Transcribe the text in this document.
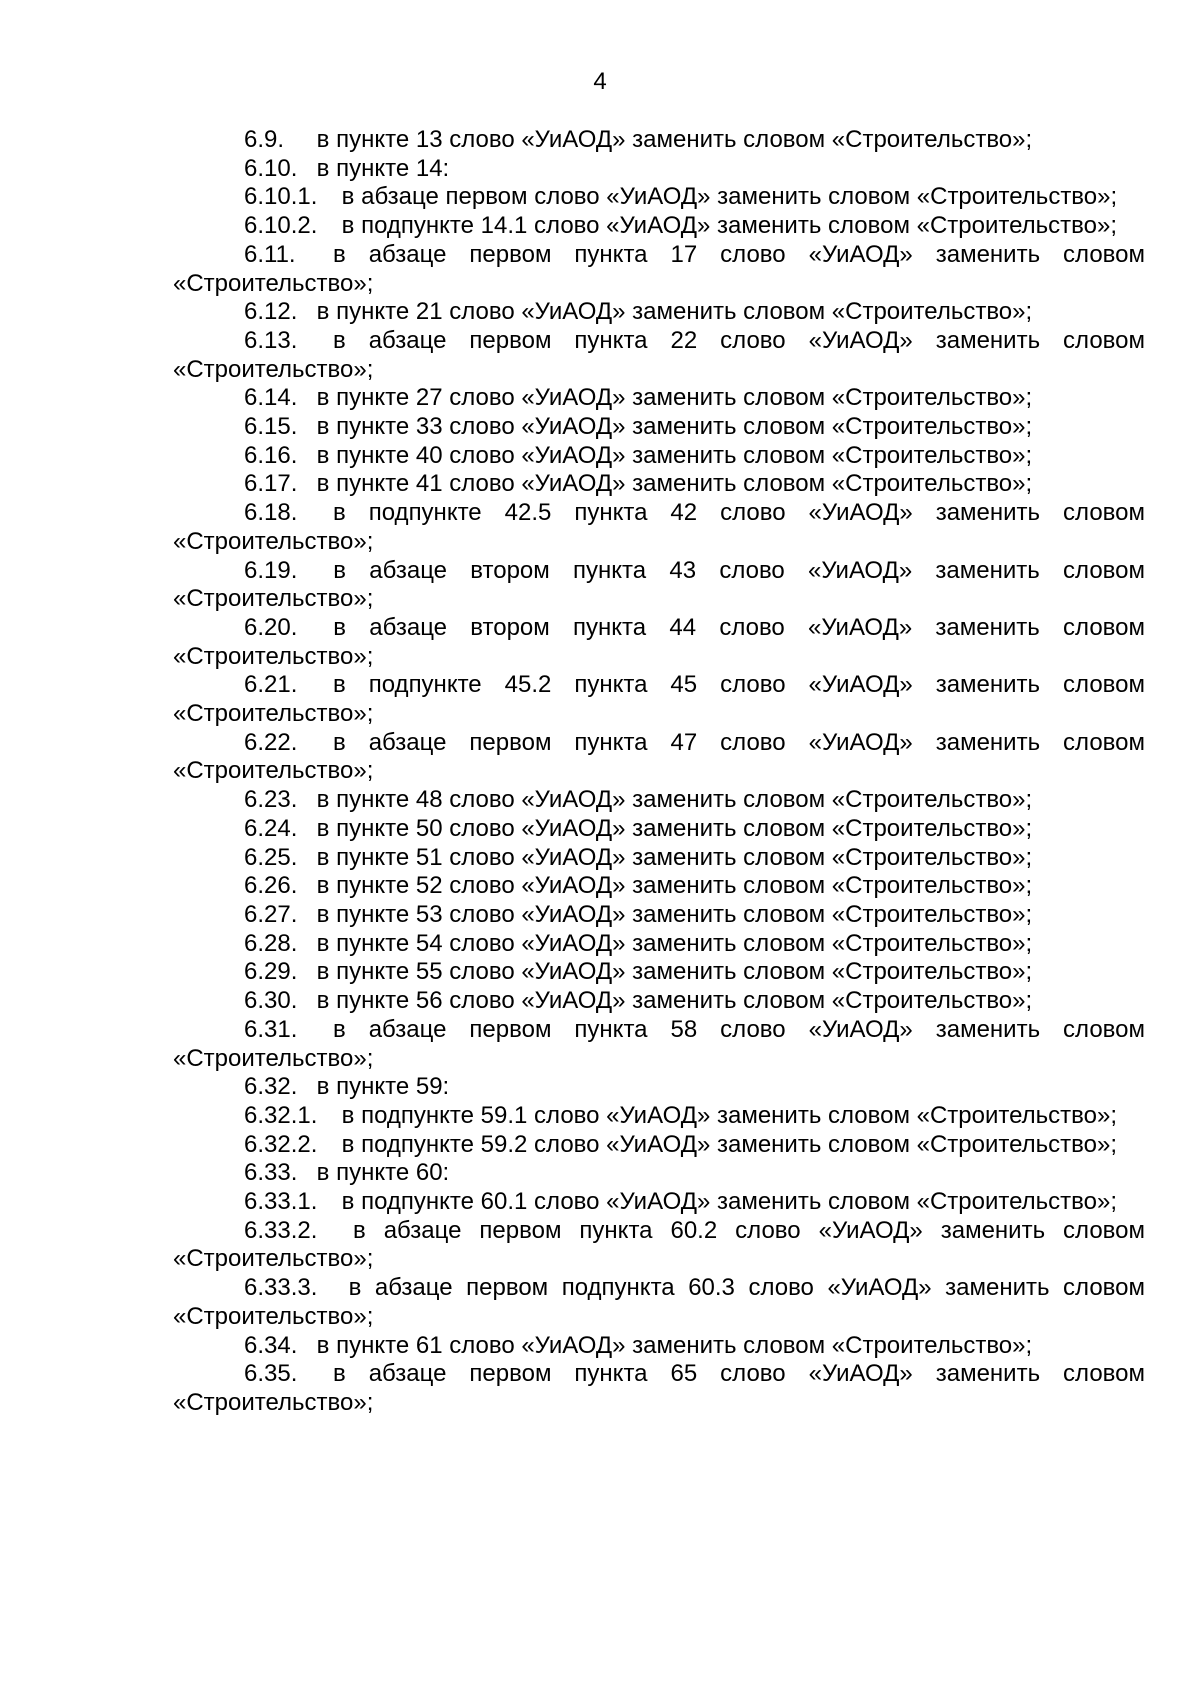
4

6.9. в пункте 13 слово «УиАОД» заменить словом «Строительство»;

6.10. в пункте 14:

6.10.1. в абзаце первом слово «УиАОД» заменить словом «Строительство»;

6.10.2. в подпункте 14.1 слово «УиАОД» заменить словом «Строительство»;

6.11. в абзаце первом пункта 17 слово «УиАОД» заменить словом «Строительство»;

6.12. в пункте 21 слово «УиАОД» заменить словом «Строительство»;

6.13. в абзаце первом пункта 22 слово «УиАОД» заменить словом «Строительство»;

6.14. в пункте 27 слово «УиАОД» заменить словом «Строительство»;

6.15. в пункте 33 слово «УиАОД» заменить словом «Строительство»;

6.16. в пункте 40 слово «УиАОД» заменить словом «Строительство»;

6.17. в пункте 41 слово «УиАОД» заменить словом «Строительство»;

6.18. в подпункте 42.5 пункта 42 слово «УиАОД» заменить словом «Строительство»;

6.19. в абзаце втором пункта 43 слово «УиАОД» заменить словом «Строительство»;

6.20. в абзаце втором пункта 44 слово «УиАОД» заменить словом «Строительство»;

6.21. в подпункте 45.2 пункта 45 слово «УиАОД» заменить словом «Строительство»;

6.22. в абзаце первом пункта 47 слово «УиАОД» заменить словом «Строительство»;

6.23. в пункте 48 слово «УиАОД» заменить словом «Строительство»;

6.24. в пункте 50 слово «УиАОД» заменить словом «Строительство»;

6.25. в пункте 51 слово «УиАОД» заменить словом «Строительство»;

6.26. в пункте 52 слово «УиАОД» заменить словом «Строительство»;

6.27. в пункте 53 слово «УиАОД» заменить словом «Строительство»;

6.28. в пункте 54 слово «УиАОД» заменить словом «Строительство»;

6.29. в пункте 55 слово «УиАОД» заменить словом «Строительство»;

6.30. в пункте 56 слово «УиАОД» заменить словом «Строительство»;

6.31. в абзаце первом пункта 58 слово «УиАОД» заменить словом «Строительство»;

6.32. в пункте 59:

6.32.1. в подпункте 59.1 слово «УиАОД» заменить словом «Строительство»;

6.32.2. в подпункте 59.2 слово «УиАОД» заменить словом «Строительство»;

6.33. в пункте 60:

6.33.1. в подпункте 60.1 слово «УиАОД» заменить словом «Строительство»;

6.33.2. в абзаце первом пункта 60.2 слово «УиАОД» заменить словом «Строительство»;

6.33.3. в абзаце первом подпункта 60.3 слово «УиАОД» заменить словом «Строительство»;

6.34. в пункте 61 слово «УиАОД» заменить словом «Строительство»;

6.35. в абзаце первом пункта 65 слово «УиАОД» заменить словом «Строительство»;
